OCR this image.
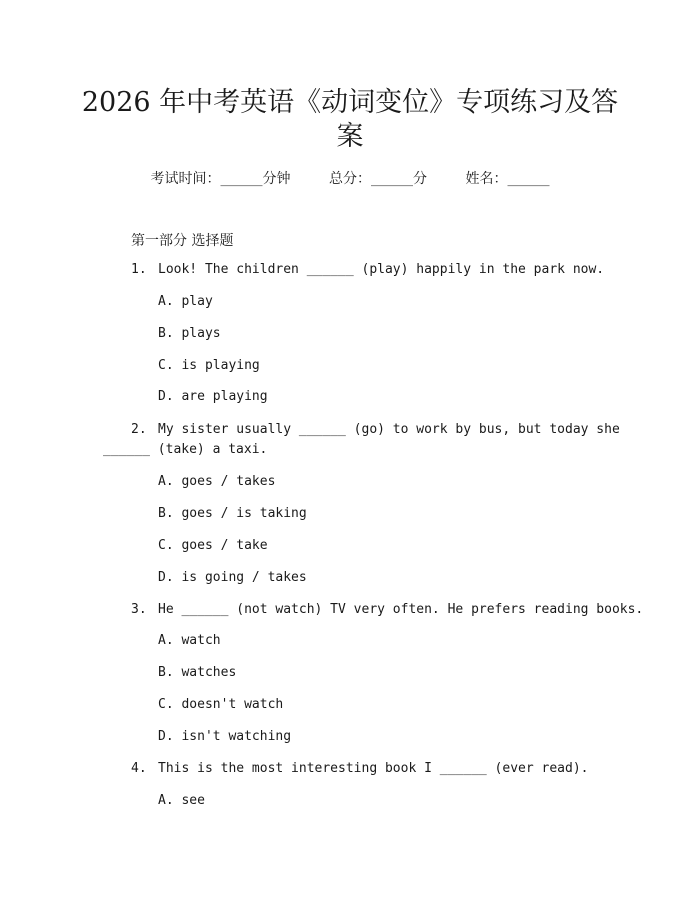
2026 年中考英语《动词变位》专项练习及答
案
考试时间：______分钟	总分：______分	姓名：______
第一部分 选择题
1. Look! The children ______ (play) happily in the park now.
A. play
B. plays
C. is playing
D. are playing
2. My sister usually ______ (go) to work by bus, but today she
______ (take) a taxi.
A. goes / takes
B. goes / is taking
C. goes / take
D. is going / takes
3. He ______ (not watch) TV very often. He prefers reading books.
A. watch
B. watches
C. doesn't watch
D. isn't watching
4. This is the most interesting book I ______ (ever read).
A. see
